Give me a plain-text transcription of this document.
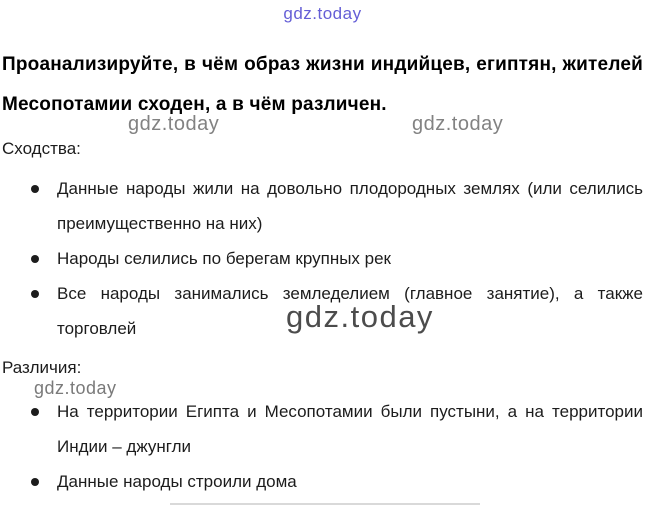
gdz.today
Проанализируйте, в чём образ жизни индийцев, египтян, жителей Месопотамии сходен, а в чём различен.
gdz.today	gdz.today
Сходства:
Данные народы жили на довольно плодородных землях (или селились преимущественно на них)
Народы селились по берегам крупных рек
Все народы занимались земледелием (главное занятие), а также торговлей	gdz.today
Различия:
gdz.today
На территории Египта и Месопотамии были пустыни, а на территории Индии – джунгли
Данные народы строили дома
